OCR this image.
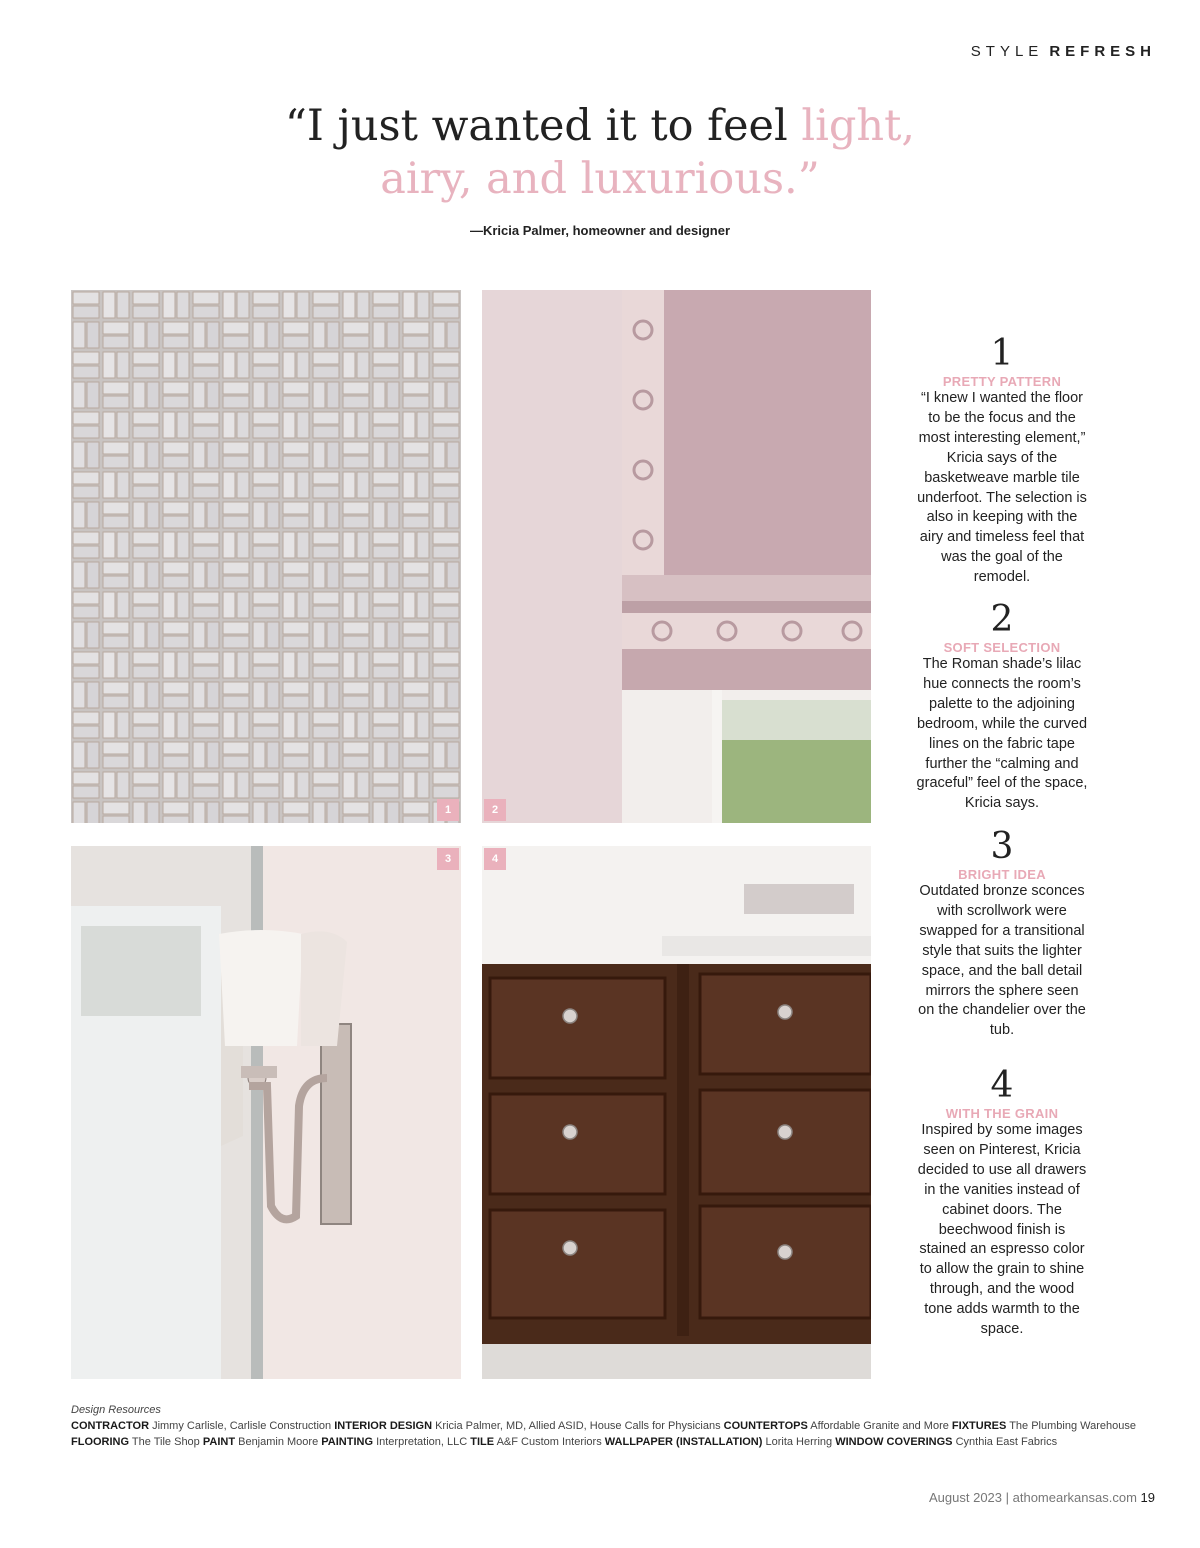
STYLE REFRESH
“I just wanted it to feel light, airy, and luxurious.”
—Kricia Palmer, homeowner and designer
1	2
3	4
1
PRETTY PATTERN
“I knew I wanted the floor to be the focus and the most interesting element,” Kricia says of the basketweave marble tile underfoot. The selection is also in keeping with the airy and timeless feel that was the goal of the remodel.
2
SOFT SELECTION
The Roman shade’s lilac hue connects the room’s palette to the adjoining bedroom, while the curved lines on the fabric tape further the “calming and graceful” feel of the space, Kricia says.
3
BRIGHT IDEA
Outdated bronze sconces with scrollwork were swapped for a transitional style that suits the lighter space, and the ball detail mirrors the sphere seen on the chandelier over the tub.
4
WITH THE GRAIN
Inspired by some images seen on Pinterest, Kricia decided to use all drawers in the vanities instead of cabinet doors. The beechwood finish is stained an espresso color to allow the grain to shine through, and the wood tone adds warmth to the space.
Design Resources
CONTRACTOR Jimmy Carlisle, Carlisle Construction INTERIOR DESIGN Kricia Palmer, MD, Allied ASID, House Calls for Physicians COUNTERTOPS Affordable Granite and More FIXTURES The Plumbing Warehouse FLOORING The Tile Shop PAINT Benjamin Moore PAINTING Interpretation, LLC TILE A&F Custom Interiors WALLPAPER (INSTALLATION) Lorita Herring WINDOW COVERINGS Cynthia East Fabrics
August 2023 | athomearkansas.com 19
